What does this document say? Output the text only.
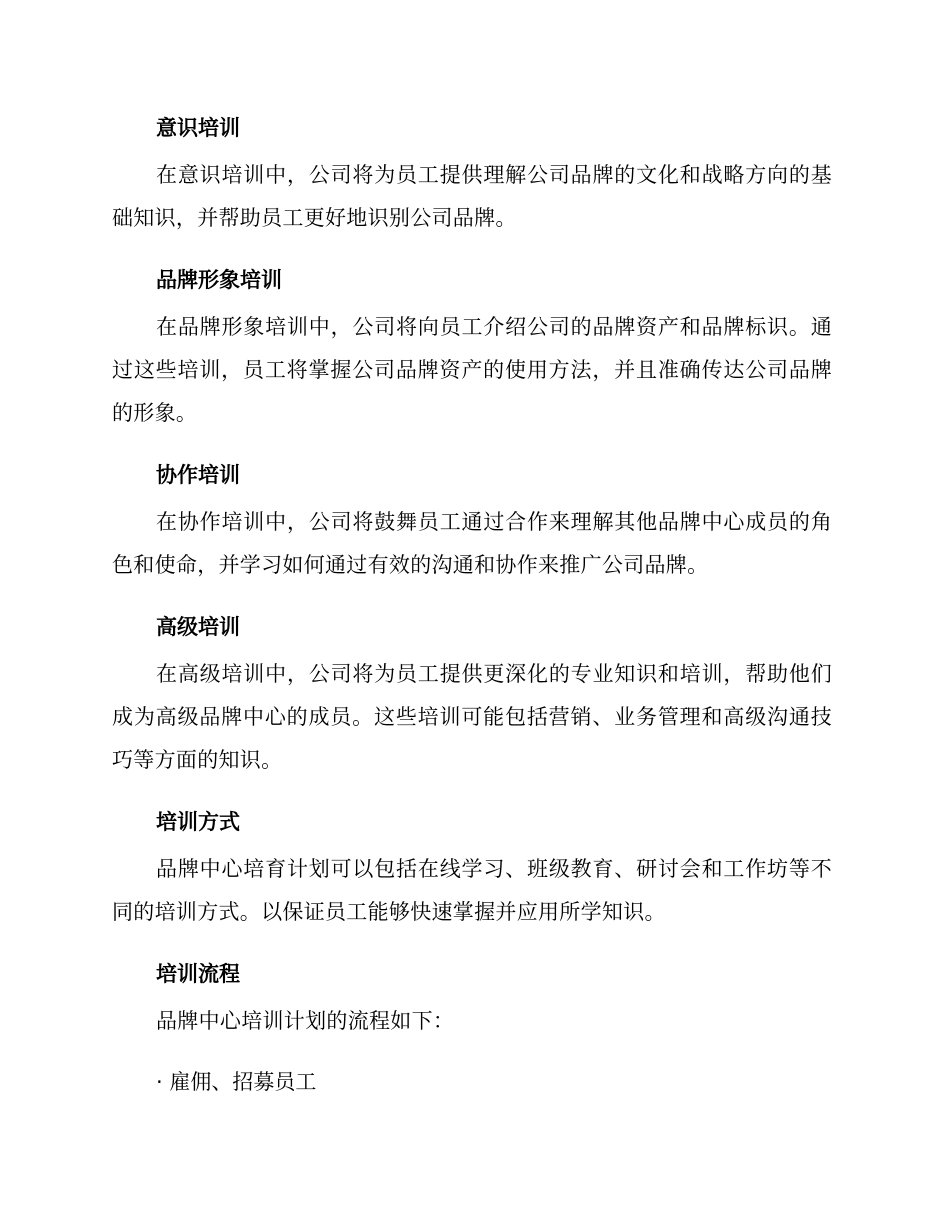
意识培训

在意识培训中，公司将为员工提供理解公司品牌的文化和战略方向的基础知识，并帮助员工更好地识别公司品牌。

品牌形象培训

在品牌形象培训中，公司将向员工介绍公司的品牌资产和品牌标识。通过这些培训，员工将掌握公司品牌资产的使用方法，并且准确传达公司品牌的形象。

协作培训

在协作培训中，公司将鼓舞员工通过合作来理解其他品牌中心成员的角色和使命，并学习如何通过有效的沟通和协作来推广公司品牌。

高级培训

在高级培训中，公司将为员工提供更深化的专业知识和培训，帮助他们成为高级品牌中心的成员。这些培训可能包括营销、业务管理和高级沟通技巧等方面的知识。

培训方式

品牌中心培育计划可以包括在线学习、班级教育、研讨会和工作坊等不同的培训方式。以保证员工能够快速掌握并应用所学知识。

培训流程

品牌中心培训计划的流程如下：

· 雇佣、招募员工
